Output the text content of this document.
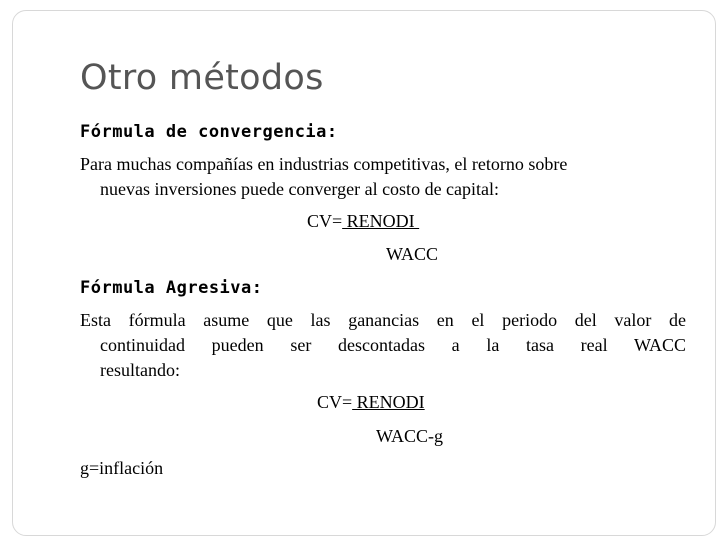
Otro métodos
Fórmula de convergencia:
Para muchas compañías en industrias competitivas, el retorno sobre
nuevas inversiones puede converger al costo de capital:
CV= RENODI
WACC
Fórmula Agresiva:
Esta fórmula asume que las ganancias en el periodo del valor de
continuidad pueden ser descontadas a la tasa real WACC
resultando:
CV= RENODI
WACC-g
g=inflación
